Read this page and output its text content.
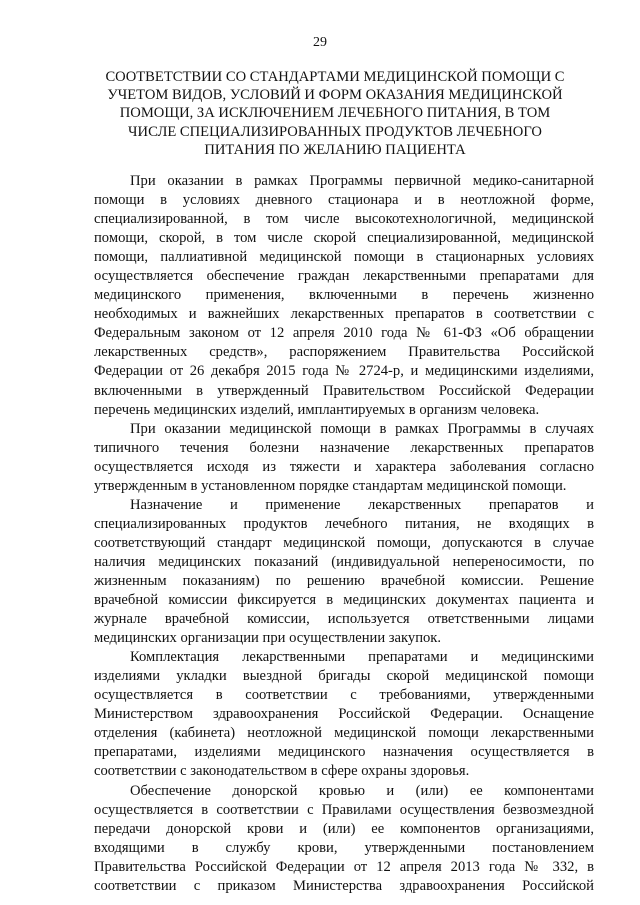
29
СООТВЕТСТВИИ СО СТАНДАРТАМИ МЕДИЦИНСКОЙ ПОМОЩИ С
УЧЕТОМ ВИДОВ, УСЛОВИЙ И ФОРМ ОКАЗАНИЯ МЕДИЦИНСКОЙ
ПОМОЩИ, ЗА ИСКЛЮЧЕНИЕМ ЛЕЧЕБНОГО ПИТАНИЯ, В ТОМ
ЧИСЛЕ СПЕЦИАЛИЗИРОВАННЫХ ПРОДУКТОВ ЛЕЧЕБНОГО
ПИТАНИЯ ПО ЖЕЛАНИЮ ПАЦИЕНТА
При оказании в рамках Программы первичной медико-санитарной
помощи в условиях дневного стационара и в неотложной форме,
специализированной, в том числе высокотехнологичной, медицинской
помощи, скорой, в том числе скорой специализированной, медицинской
помощи, паллиативной медицинской помощи в стационарных условиях
осуществляется обеспечение граждан лекарственными препаратами для
медицинского применения, включенными в перечень жизненно
необходимых и важнейших лекарственных препаратов в соответствии с
Федеральным законом от 12 апреля 2010 года № 61-ФЗ «Об обращении
лекарственных средств», распоряжением Правительства Российской
Федерации от 26 декабря 2015 года № 2724-р, и медицинскими изделиями,
включенными в утвержденный Правительством Российской Федерации
перечень медицинских изделий, имплантируемых в организм человека.
При оказании медицинской помощи в рамках Программы в случаях
типичного течения болезни назначение лекарственных препаратов
осуществляется исходя из тяжести и характера заболевания согласно
утвержденным в установленном порядке стандартам медицинской помощи.
Назначение и применение лекарственных препаратов и
специализированных продуктов лечебного питания, не входящих в
соответствующий стандарт медицинской помощи, допускаются в случае
наличия медицинских показаний (индивидуальной непереносимости, по
жизненным показаниям) по решению врачебной комиссии. Решение
врачебной комиссии фиксируется в медицинских документах пациента и
журнале врачебной комиссии, используется ответственными лицами
медицинских организации при осуществлении закупок.
Комплектация лекарственными препаратами и медицинскими
изделиями укладки выездной бригады скорой медицинской помощи
осуществляется в соответствии с требованиями, утвержденными
Министерством здравоохранения Российской Федерации. Оснащение
отделения (кабинета) неотложной медицинской помощи лекарственными
препаратами, изделиями медицинского назначения осуществляется в
соответствии с законодательством в сфере охраны здоровья.
Обеспечение донорской кровью и (или) ее компонентами
осуществляется в соответствии с Правилами осуществления безвозмездной
передачи донорской крови и (или) ее компонентов организациями,
входящими в службу крови, утвержденными постановлением
Правительства Российской Федерации от 12 апреля 2013 года № 332, в
соответствии с приказом Министерства здравоохранения Российской
